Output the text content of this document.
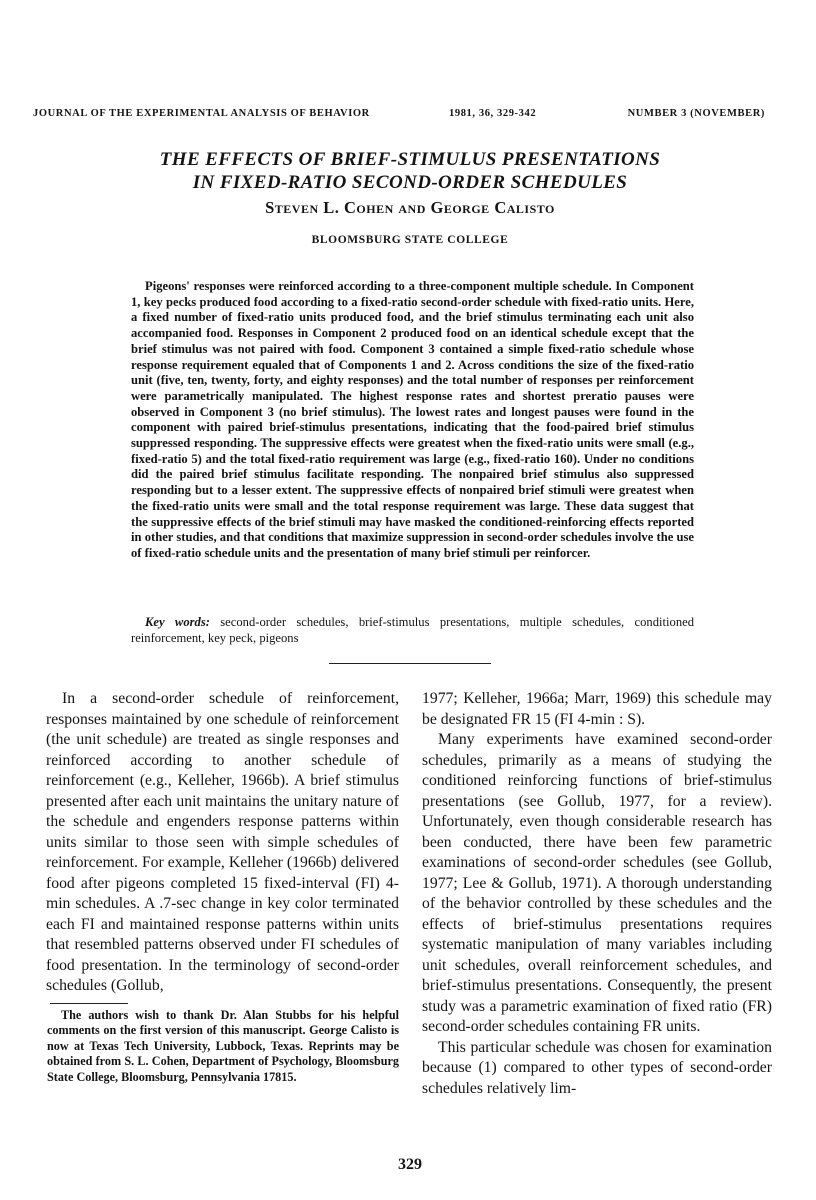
JOURNAL OF THE EXPERIMENTAL ANALYSIS OF BEHAVIOR	1981, 36, 329-342	NUMBER 3 (NOVEMBER)
THE EFFECTS OF BRIEF-STIMULUS PRESENTATIONS
IN FIXED-RATIO SECOND-ORDER SCHEDULES
Steven L. Cohen and George Calisto
BLOOMSBURG STATE COLLEGE

Pigeons' responses were reinforced according to a three-component multiple schedule. In Component 1, key pecks produced food according to a fixed-ratio second-order schedule with fixed-ratio units. Here, a fixed number of fixed-ratio units produced food, and the brief stimulus terminating each unit also accompanied food. Responses in Component 2 produced food on an identical schedule except that the brief stimulus was not paired with food. Component 3 contained a simple fixed-ratio schedule whose response requirement equaled that of Components 1 and 2. Across conditions the size of the fixed-ratio unit (five, ten, twenty, forty, and eighty responses) and the total number of responses per reinforcement were parametrically manipulated. The highest response rates and shortest preratio pauses were observed in Component 3 (no brief stimulus). The lowest rates and longest pauses were found in the component with paired brief-stimulus presentations, indicating that the food-paired brief stimulus suppressed responding. The suppressive effects were greatest when the fixed-ratio units were small (e.g., fixed-ratio 5) and the total fixed-ratio requirement was large (e.g., fixed-ratio 160). Under no conditions did the paired brief stimulus facilitate responding. The nonpaired brief stimulus also suppressed responding but to a lesser extent. The suppressive effects of nonpaired brief stimuli were greatest when the fixed-ratio units were small and the total response requirement was large. These data suggest that the suppressive effects of the brief stimuli may have masked the conditioned-reinforcing effects reported in other studies, and that conditions that maximize suppression in second-order schedules involve the use of fixed-ratio schedule units and the presentation of many brief stimuli per reinforcer.

Key words: second-order schedules, brief-stimulus presentations, multiple schedules, conditioned reinforcement, key peck, pigeons

In a second-order schedule of reinforcement, responses maintained by one schedule of reinforcement (the unit schedule) are treated as single responses and reinforced according to another schedule of reinforcement (e.g., Kelleher, 1966b). A brief stimulus presented after each unit maintains the unitary nature of the schedule and engenders response patterns within units similar to those seen with simple schedules of reinforcement. For example, Kelleher (1966b) delivered food after pigeons completed 15 fixed-interval (FI) 4-min schedules. A .7-sec change in key color terminated each FI and maintained response patterns within units that resembled patterns observed under FI schedules of food presentation. In the terminology of second-order schedules (Gollub,

1977; Kelleher, 1966a; Marr, 1969) this schedule may be designated FR 15 (FI 4-min : S).

Many experiments have examined second-order schedules, primarily as a means of studying the conditioned reinforcing functions of brief-stimulus presentations (see Gollub, 1977, for a review). Unfortunately, even though considerable research has been conducted, there have been few parametric examinations of second-order schedules (see Gollub, 1977; Lee & Gollub, 1971). A thorough understanding of the behavior controlled by these schedules and the effects of brief-stimulus presentations requires systematic manipulation of many variables including unit schedules, overall reinforcement schedules, and brief-stimulus presentations. Consequently, the present study was a parametric examination of fixed ratio (FR) second-order schedules containing FR units.

This particular schedule was chosen for examination because (1) compared to other types of second-order schedules relatively lim-

The authors wish to thank Dr. Alan Stubbs for his helpful comments on the first version of this manuscript. George Calisto is now at Texas Tech University, Lubbock, Texas. Reprints may be obtained from S. L. Cohen, Department of Psychology, Bloomsburg State College, Bloomsburg, Pennsylvania 17815.

329
